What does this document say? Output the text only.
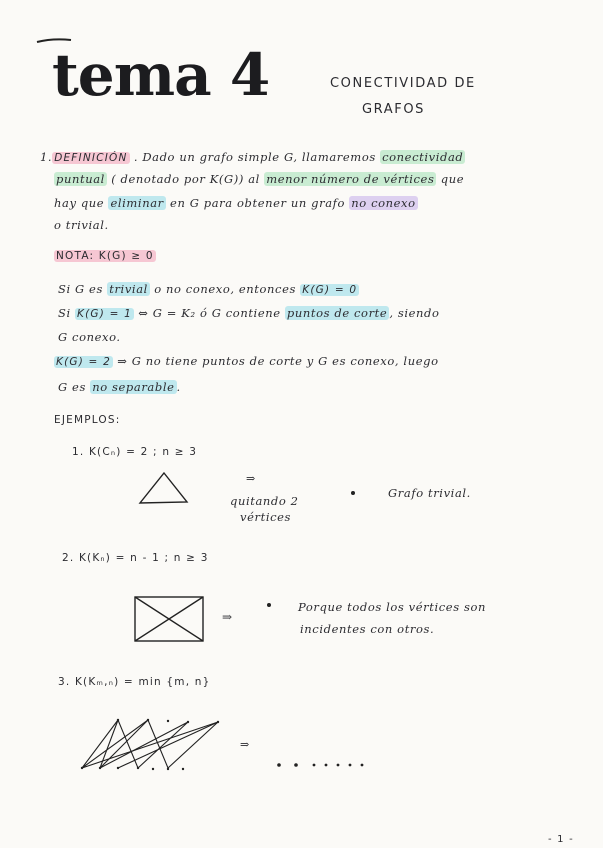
tema 4	CONECTIVIDAD DE
GRAFOS
1. DEFINICIÓN . Dado un grafo simple G, llamaremos conectividad
puntual ( denotado por K(G)) al menor número de vértices que
hay que eliminar en G para obtener un grafo no conexo
o trivial.
NOTA: K(G) ≥ 0
Si G es trivial o no conexo, entonces K(G) = 0
Si K(G) = 1 ⇔ G = K₂ ó G contiene puntos de corte , siendo
G conexo.
K(G) = 2 ⇒ G no tiene puntos de corte y G es conexo, luego
G es no separable .
EJEMPLOS:
1. K(Cₙ) = 2 ; n ≥ 3
⇒
quitando 2
vértices
Grafo trivial.
2. K(Kₙ) = n - 1 ; n ≥ 3
⇒
Porque todos los vértices son
incidentes con otros.
3. K(Kₘ,ₙ) = min {m, n}
⇒
- 1 -
